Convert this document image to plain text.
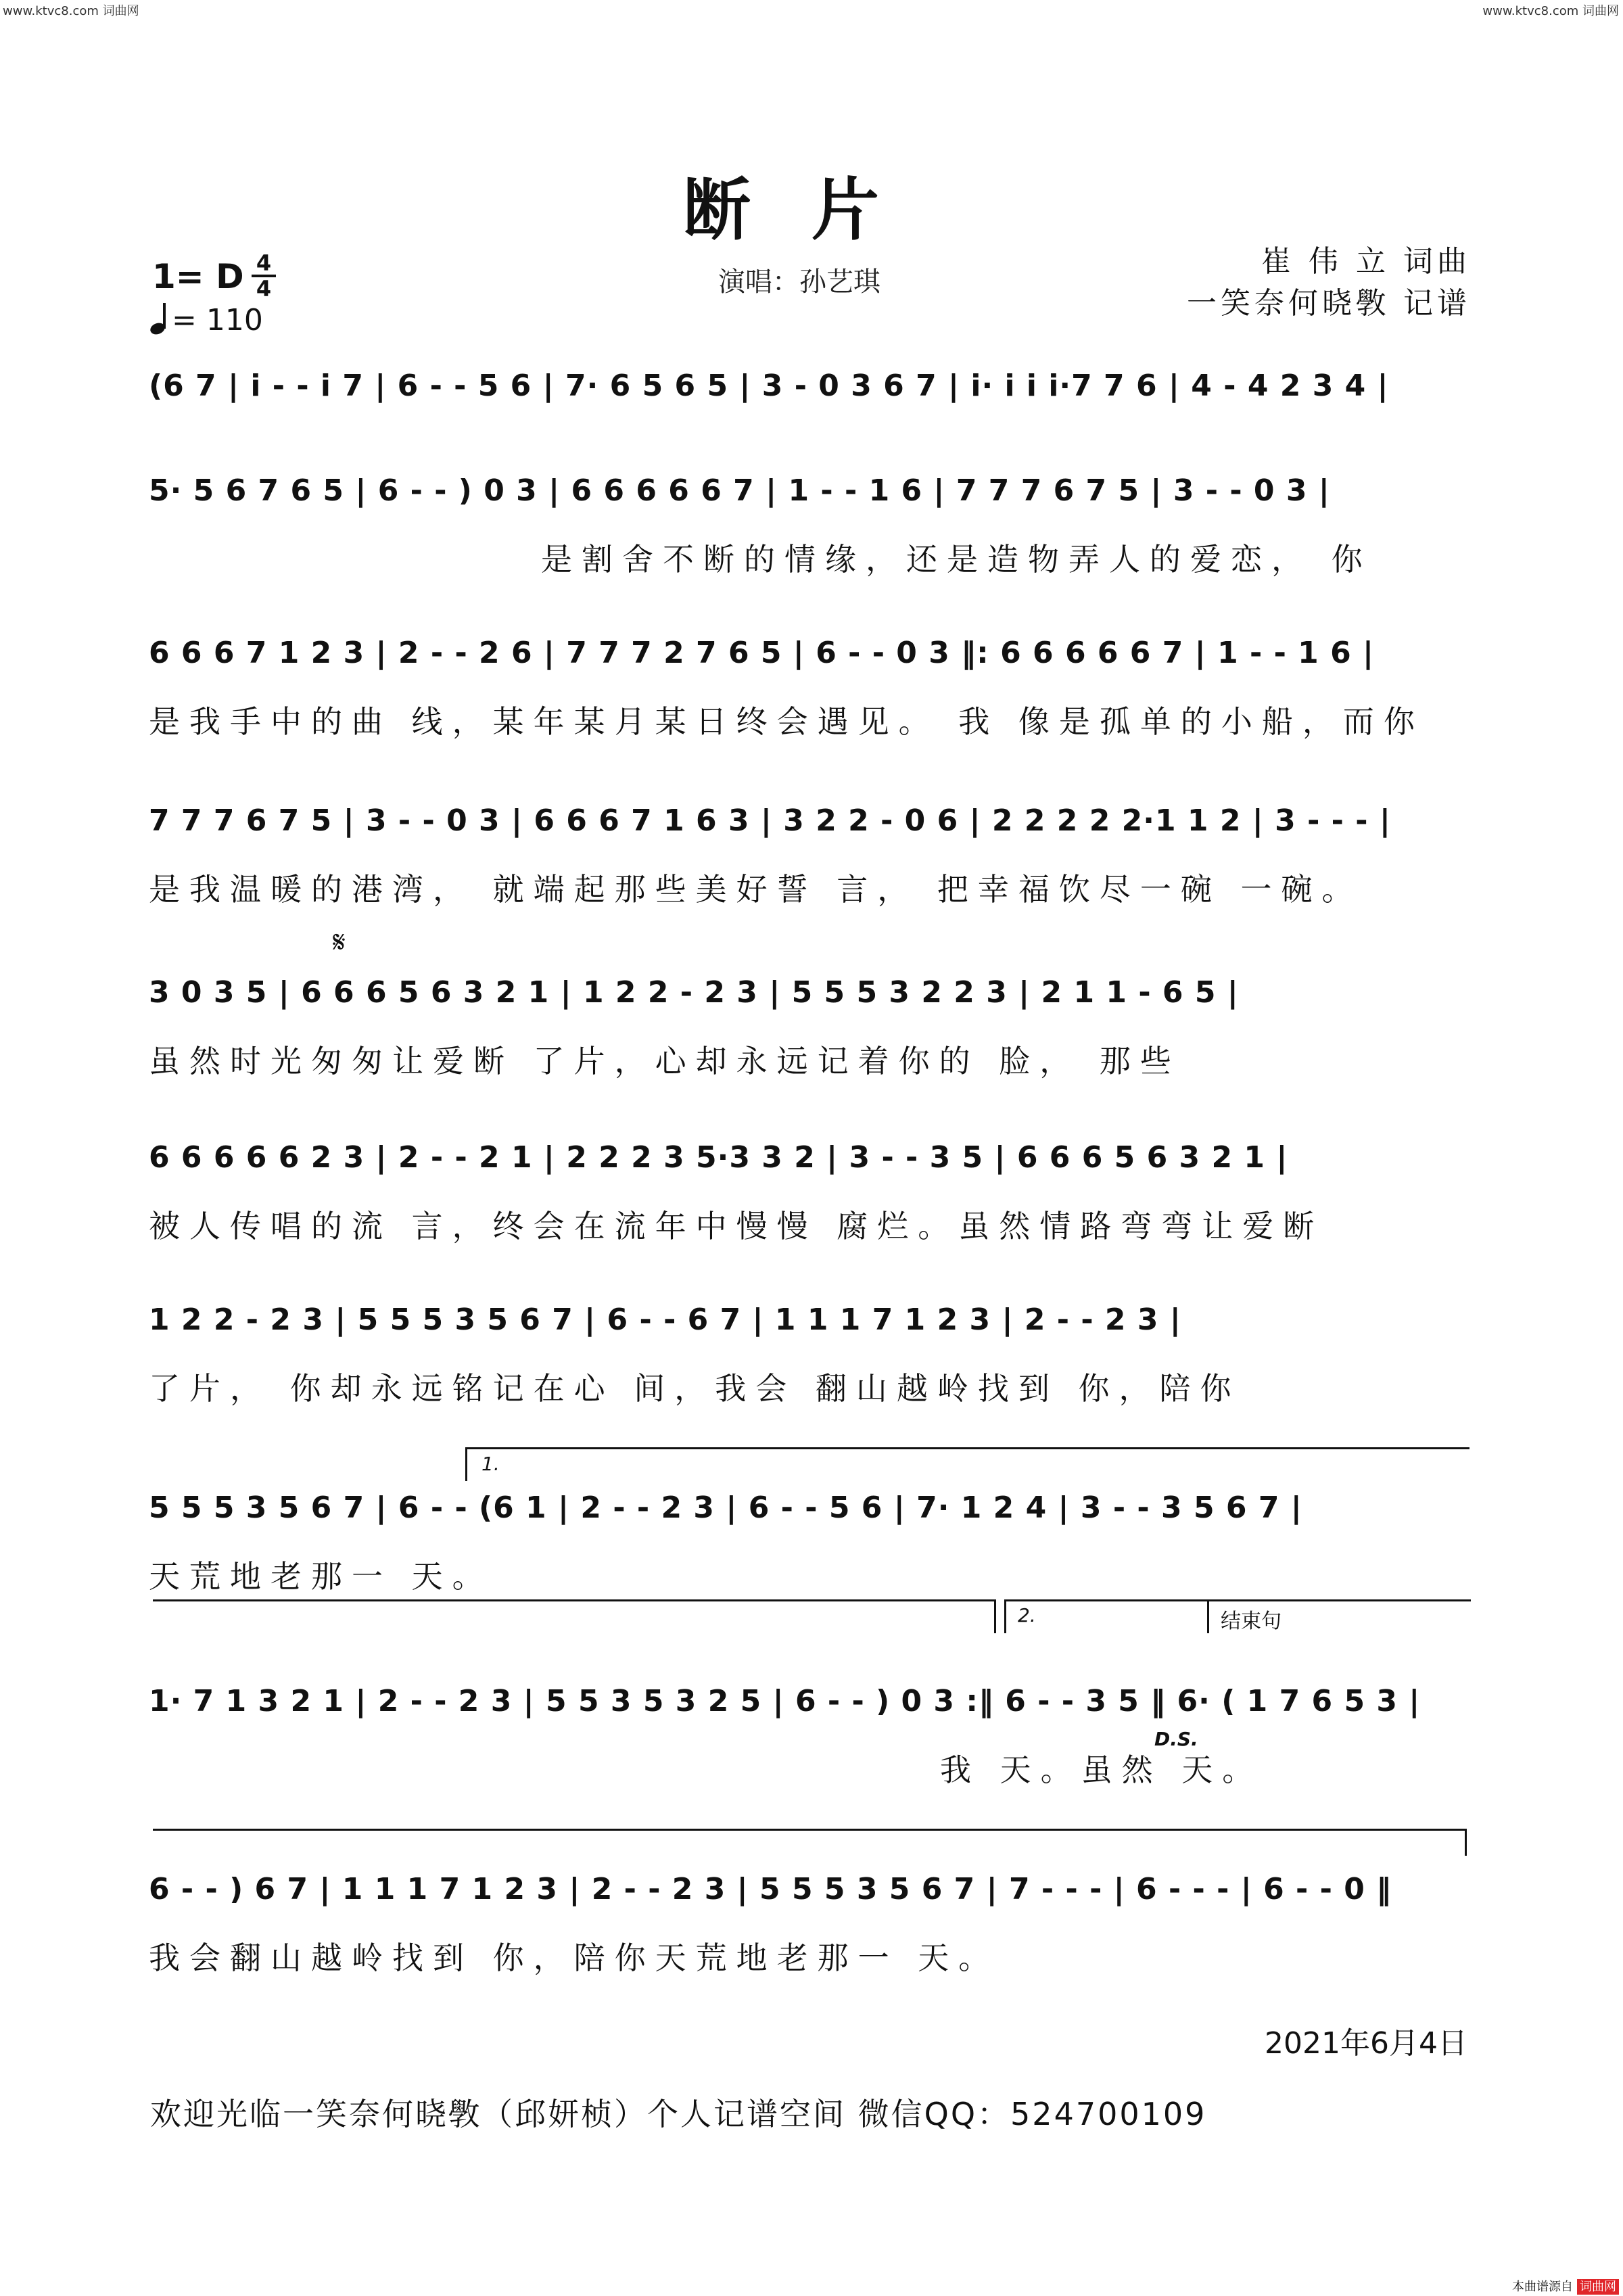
www.ktvc8.com 词曲网	www.ktvc8.com 词曲网
断片
1= D $\frac{4}{4}$
= 110
演唱：孙艺琪
崔 伟 立 词曲
一笑奈何晓斆 记谱
𝄋
1.
2.	结束句
D.S.
(6 7 | i - - i 7 | 6 - - 5 6 | 7· 6 5 6 5 | 3 - 0 3 6 7 | i· i i i·7 7 6 | 4 - 4 2 3 4 |
5· 5 6 7 6 5 | 6 - - ) 0 3 | 6 6 6 6 6 7 | 1 - - 1 6 | 7 7 7 6 7 5 | 3 - - 0 3 |
是割舍不断的情缘，还是造物弄人的爱恋， 你
6 6 6 7 1 2 3 | 2 - - 2 6 | 7 7 7 2 7 6 5 | 6 - - 0 3 ‖: 6 6 6 6 6 7 | 1 - - 1 6 |
是我手中的曲 线，某年某月某日终会遇见。 我 像是孤单的小船，而你
7 7 7 6 7 5 | 3 - - 0 3 | 6 6 6 7 1 6 3 | 3 2 2 - 0 6 | 2 2 2 2 2·1 1 2 | 3 - - - |
是我温暖的港湾， 就端起那些美好誓 言， 把幸福饮尽一碗 一碗。
3 0 3 5 | 6 6 6 5 6 3 2 1 | 1 2 2 - 2 3 | 5 5 5 3 2 2 3 | 2 1 1 - 6 5 |
虽然时光匆匆让爱断 了片，心却永远记着你的 脸， 那些
6 6 6 6 6 2 3 | 2 - - 2 1 | 2 2 2 3 5·3 3 2 | 3 - - 3 5 | 6 6 6 5 6 3 2 1 |
被人传唱的流 言，终会在流年中慢慢 腐烂。虽然情路弯弯让爱断
1 2 2 - 2 3 | 5 5 5 3 5 6 7 | 6 - - 6 7 | 1 1 1 7 1 2 3 | 2 - - 2 3 |
了片， 你却永远铭记在心 间，我会 翻山越岭找到 你，陪你
5 5 5 3 5 6 7 | 6 - - (6 1 | 2 - - 2 3 | 6 - - 5 6 | 7· 1 2 4 | 3 - - 3 5 6 7 |
天荒地老那一 天。
1· 7 1 3 2 1 | 2 - - 2 3 | 5 5 3 5 3 2 5 | 6 - - ) 0 3 :‖ 6 - - 3 5 ‖ 6· ( 1 7 6 5 3 |
我 天。虽然 天。
6 - - ) 6 7 | 1 1 1 7 1 2 3 | 2 - - 2 3 | 5 5 5 3 5 6 7 | 7 - - - | 6 - - - | 6 - - 0 ‖
我会翻山越岭找到 你，陪你天荒地老那一 天。
2021年6月4日
欢迎光临一笑奈何晓斆（邱妍桢）个人记谱空间 微信QQ：524700109
本曲谱源自 词曲网
